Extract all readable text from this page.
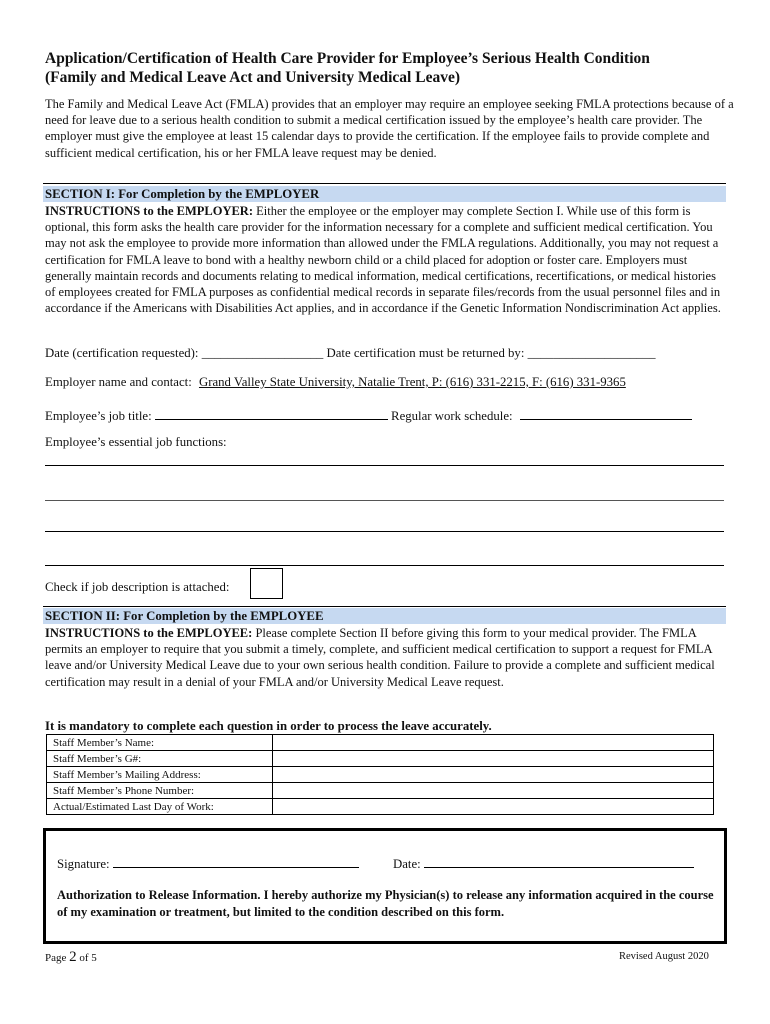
Application/Certification of Health Care Provider for Employee’s Serious Health Condition
(Family and Medical Leave Act and University Medical Leave)
The Family and Medical Leave Act (FMLA) provides that an employer may require an employee seeking FMLA protections because of a need for leave due to a serious health condition to submit a medical certification issued by the employee’s health care provider. The employer must give the employee at least 15 calendar days to provide the certification. If the employee fails to provide complete and sufficient medical certification, his or her FMLA leave request may be denied.
SECTION I: For Completion by the EMPLOYER
INSTRUCTIONS to the EMPLOYER: Either the employee or the employer may complete Section I. While use of this form is optional, this form asks the health care provider for the information necessary for a complete and sufficient medical certification. You may not ask the employee to provide more information than allowed under the FMLA regulations. Additionally, you may not request a certification for FMLA leave to bond with a healthy newborn child or a child placed for adoption or foster care. Employers must generally maintain records and documents relating to medical information, medical certifications, recertifications, or medical histories of employees created for FMLA purposes as confidential medical records in separate files/records from the usual personnel files and in accordance if the Americans with Disabilities Act applies, and in accordance if the Genetic Information Nondiscrimination Act applies.
Date (certification requested): ___________________ Date certification must be returned by: ____________________
Employer name and contact: Grand Valley State University, Natalie Trent, P: (616) 331-2215, F: (616) 331-9365
Employee’s job title:	Regular work schedule:
Employee’s essential job functions:
Check if job description is attached:
SECTION II: For Completion by the EMPLOYEE
INSTRUCTIONS to the EMPLOYEE: Please complete Section II before giving this form to your medical provider. The FMLA permits an employer to require that you submit a timely, complete, and sufficient medical certification to support a request for FMLA leave and/or University Medical Leave due to your own serious health condition. Failure to provide a complete and sufficient medical certification may result in a denial of your FMLA and/or University Medical Leave request.
It is mandatory to complete each question in order to process the leave accurately.
Staff Member’s Name:	
Staff Member’s G#:	
Staff Member’s Mailing Address:	
Staff Member’s Phone Number:	
Actual/Estimated Last Day of Work:	
Signature:	Date:
Authorization to Release Information. I hereby authorize my Physician(s) to release any information acquired in the course of my examination or treatment, but limited to the condition described on this form.
Page 2 of 5	Revised August 2020
